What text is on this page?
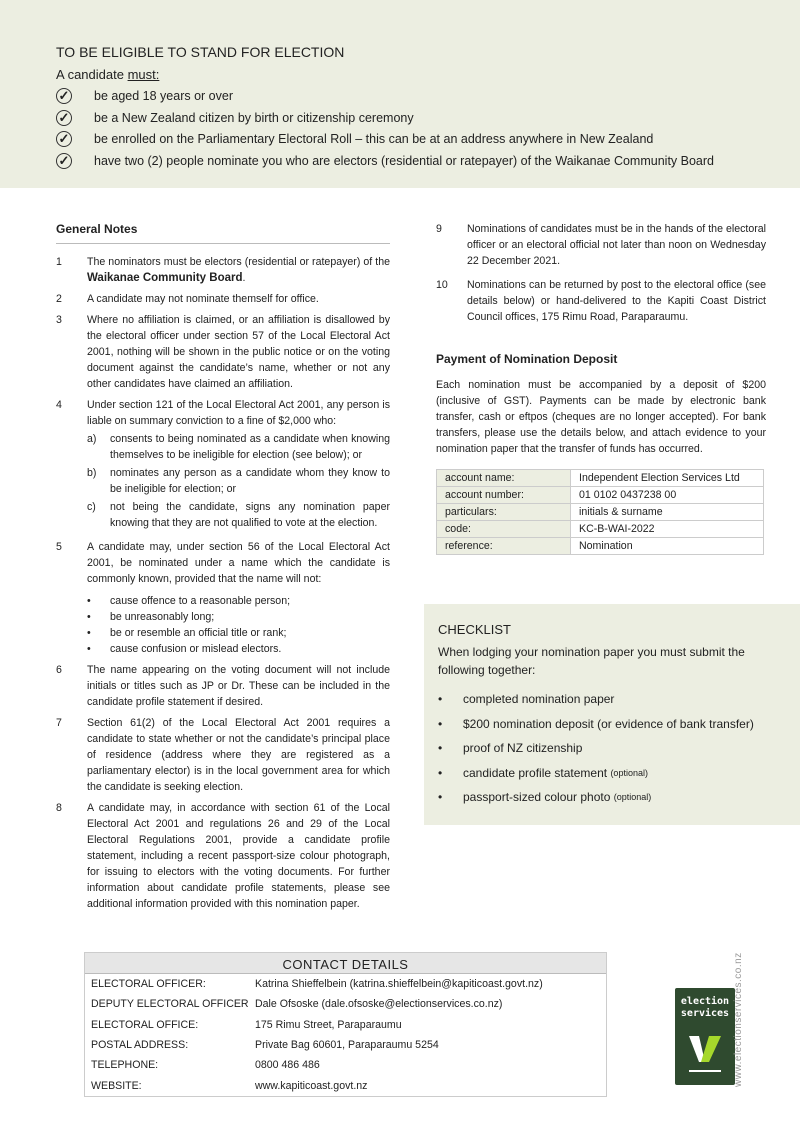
TO BE ELIGIBLE TO STAND FOR ELECTION
A candidate must:
✓ be aged 18 years or over
✓ be a New Zealand citizen by birth or citizenship ceremony
✓ be enrolled on the Parliamentary Electoral Roll – this can be at an address anywhere in New Zealand
✓ have two (2) people nominate you who are electors (residential or ratepayer) of the Waikanae Community Board
General Notes
1	The nominators must be electors (residential or ratepayer) of the Waikanae Community Board.
2	A candidate may not nominate themself for office.
3	Where no affiliation is claimed, or an affiliation is disallowed by the electoral officer under section 57 of the Local Electoral Act 2001, nothing will be shown in the public notice or on the voting document against the candidate’s name, whether or not any other candidates have claimed an affiliation.
4	Under section 121 of the Local Electoral Act 2001, any person is liable on summary conviction to a fine of $2,000 who:
a)	consents to being nominated as a candidate when knowing themselves to be ineligible for election (see below); or
b)	nominates any person as a candidate whom they know to be ineligible for election; or
c)	not being the candidate, signs any nomination paper knowing that they are not qualified to vote at the election.
5	A candidate may, under section 56 of the Local Electoral Act 2001, be nominated under a name which the candidate is commonly known, provided that the name will not:
•	cause offence to a reasonable person;
•	be unreasonably long;
•	be or resemble an official title or rank;
•	cause confusion or mislead electors.
6	The name appearing on the voting document will not include initials or titles such as JP or Dr. These can be included in the candidate profile statement if desired.
7	Section 61(2) of the Local Electoral Act 2001 requires a candidate to state whether or not the candidate’s principal place of residence (address where they are registered as a parliamentary elector) is in the local government area for which the candidate is seeking election.
8	A candidate may, in accordance with section 61 of the Local Electoral Act 2001 and regulations 26 and 29 of the Local Electoral Regulations 2001, provide a candidate profile statement, including a recent passport-size colour photograph, for issuing to electors with the voting documents. For further information about candidate profile statements, please see additional information provided with this nomination paper.
9	Nominations of candidates must be in the hands of the electoral officer or an electoral official not later than noon on Wednesday 22 December 2021.
10	Nominations can be returned by post to the electoral office (see details below) or hand-delivered to the Kapiti Coast District Council offices, 175 Rimu Road, Paraparaumu.
Payment of Nomination Deposit

Each nomination must be accompanied by a deposit of $200 (inclusive of GST). Payments can be made by electronic bank transfer, cash or eftpos (cheques are no longer accepted). For bank transfers, please use the details below, and attach evidence to your nomination paper that the transfer of funds has occurred.

account name:	Independent Election Services Ltd
account number:	01 0102 0437238 00
particulars:	initials & surname
code:	KC-B-WAI-2022
reference:	Nomination
CHECKLIST

When lodging your nomination paper you must submit the following together:

•	completed nomination paper
•	$200 nomination deposit (or evidence of bank transfer)
•	proof of NZ citizenship
•	candidate profile statement
(optional)
•	passport-sized colour photo
(optional)
CONTACT DETAILS
ELECTORAL OFFICER:	Katrina Shieffelbein (katrina.shieffelbein@kapiticoast.govt.nz)
DEPUTY ELECTORAL OFFICER Dale Ofsoske (dale.ofsoske@electionservices.co.nz)
ELECTORAL OFFICE:	175 Rimu Street, Paraparaumu
POSTAL ADDRESS:	Private Bag 60601, Paraparaumu 5254
TELEPHONE:	0800 486 486
WEBSITE:	www.kapiticoast.govt.nz
election
services www.electionservices.co.nz
